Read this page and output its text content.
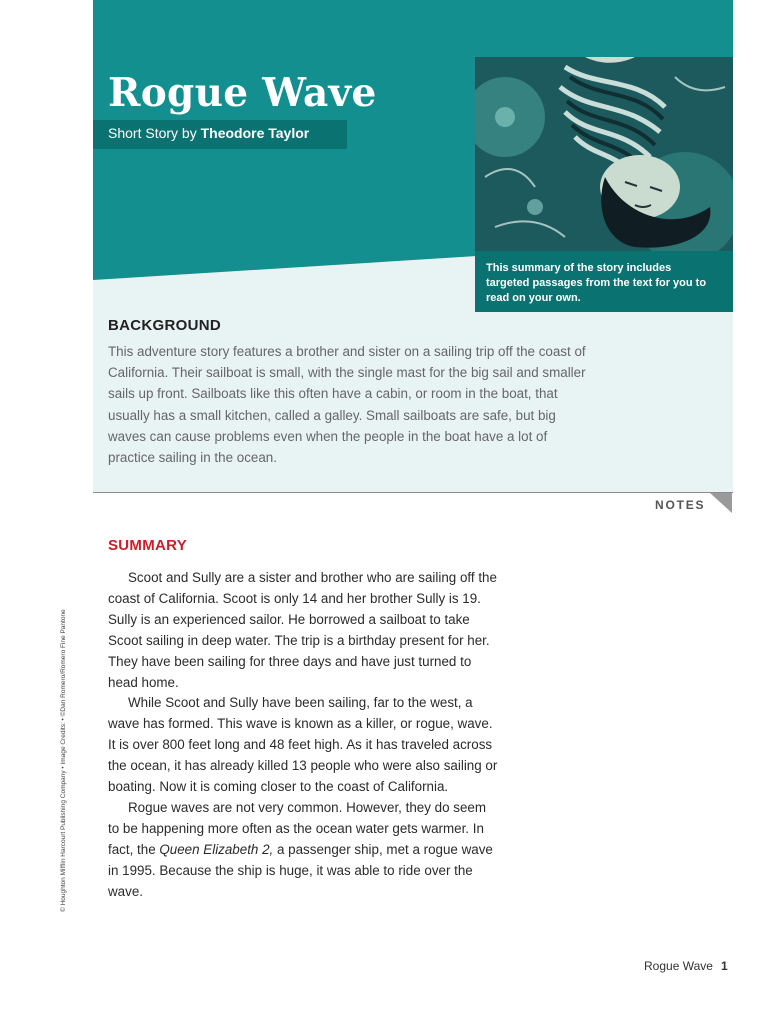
Rogue Wave
Short Story by Theodore Taylor
This summary of the story includes targeted passages from the text for you to read on your own.
BACKGROUND

This adventure story features a brother and sister on a sailing trip off the coast of California. Their sailboat is small, with the single mast for the big sail and smaller sails up front. Sailboats like this often have a cabin, or room in the boat, that usually has a small kitchen, called a galley. Small sailboats are safe, but big waves can cause problems even when the people in the boat have a lot of practice sailing in the ocean.

NOTES
SUMMARY

Scoot and Sully are a sister and brother who are sailing off the coast of California. Scoot is only 14 and her brother Sully is 19. Sully is an experienced sailor. He borrowed a sailboat to take Scoot sailing in deep water. The trip is a birthday present for her. They have been sailing for three days and have just turned to head home.

While Scoot and Sully have been sailing, far to the west, a wave has formed. This wave is known as a killer, or rogue, wave. It is over 800 feet long and 48 feet high. As it has traveled across the ocean, it has already killed 13 people who were also sailing or boating. Now it is coming closer to the coast of California.

Rogue waves are not very common. However, they do seem to be happening more often as the ocean water gets warmer. In fact, the Queen Elizabeth 2, a passenger ship, met a rogue wave in 1995. Because the ship is huge, it was able to ride over the wave.

© Houghton Mifflin Harcourt Publishing Company • Image Credits: • ©Dan Romero/Romero Fine Pantone
Rogue Wave 1
